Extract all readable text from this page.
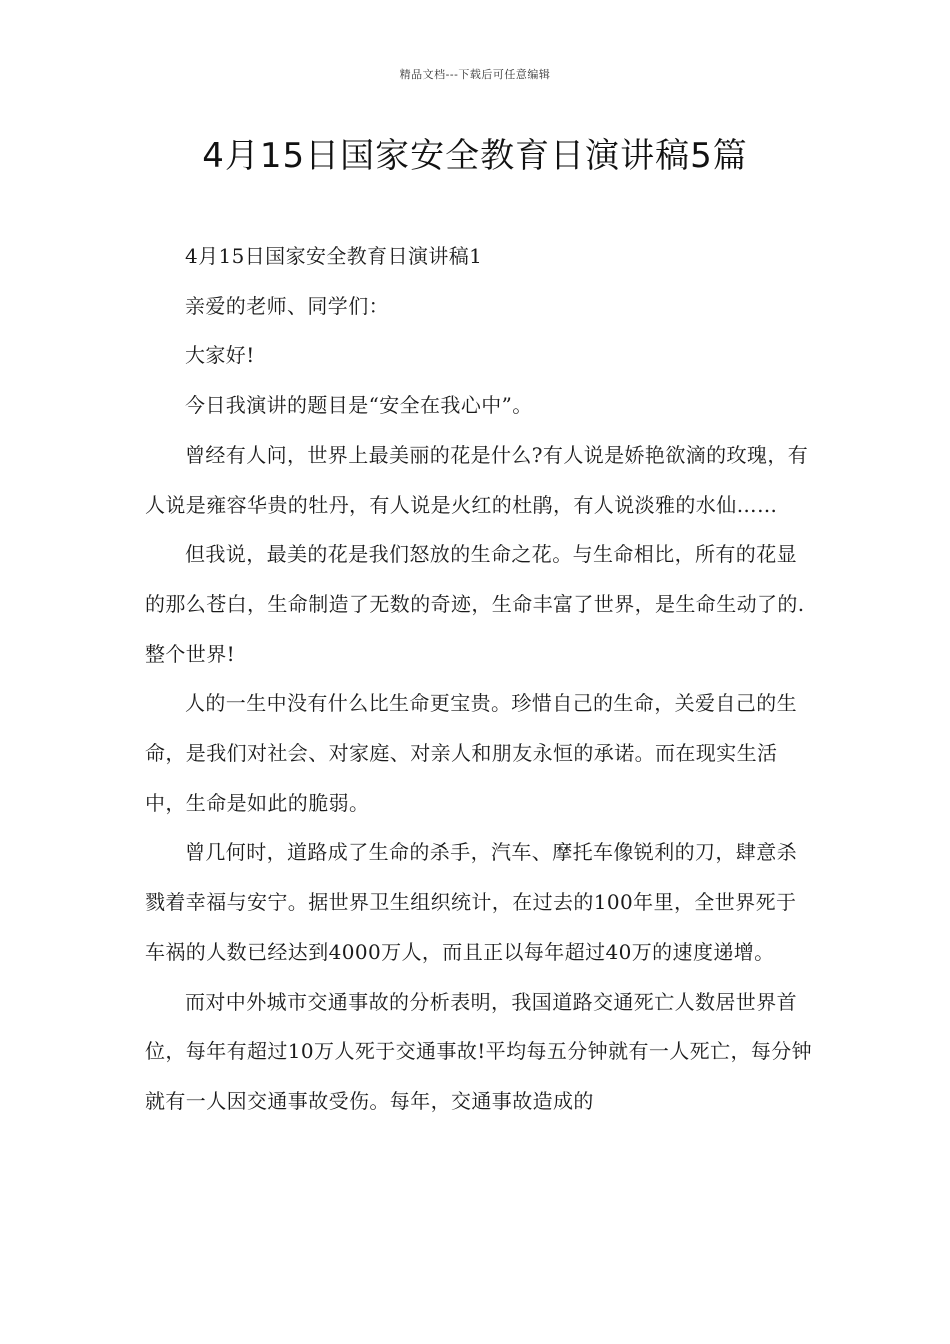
精品文档---下载后可任意编辑
4月15日国家安全教育日演讲稿5篇

4月15日国家安全教育日演讲稿1

亲爱的老师、同学们：

大家好!

今日我演讲的题目是“安全在我心中”。

曾经有人问，世界上最美丽的花是什么?有人说是娇艳欲滴的玫瑰，有人说是雍容华贵的牡丹，有人说是火红的杜鹃，有人说淡雅的水仙……

但我说，最美的花是我们怒放的生命之花。与生命相比，所有的花显的那么苍白，生命制造了无数的奇迹，生命丰富了世界，是生命生动了的.整个世界!

人的一生中没有什么比生命更宝贵。珍惜自己的生命，关爱自己的生命，是我们对社会、对家庭、对亲人和朋友永恒的承诺。而在现实生活中，生命是如此的脆弱。

曾几何时，道路成了生命的杀手，汽车、摩托车像锐利的刀，肆意杀戮着幸福与安宁。据世界卫生组织统计，在过去的100年里，全世界死于车祸的人数已经达到4000万人，而且正以每年超过40万的速度递增。

而对中外城市交通事故的分析表明，我国道路交通死亡人数居世界首位，每年有超过10万人死于交通事故!平均每五分钟就有一人死亡，每分钟就有一人因交通事故受伤。每年，交通事故造成的
